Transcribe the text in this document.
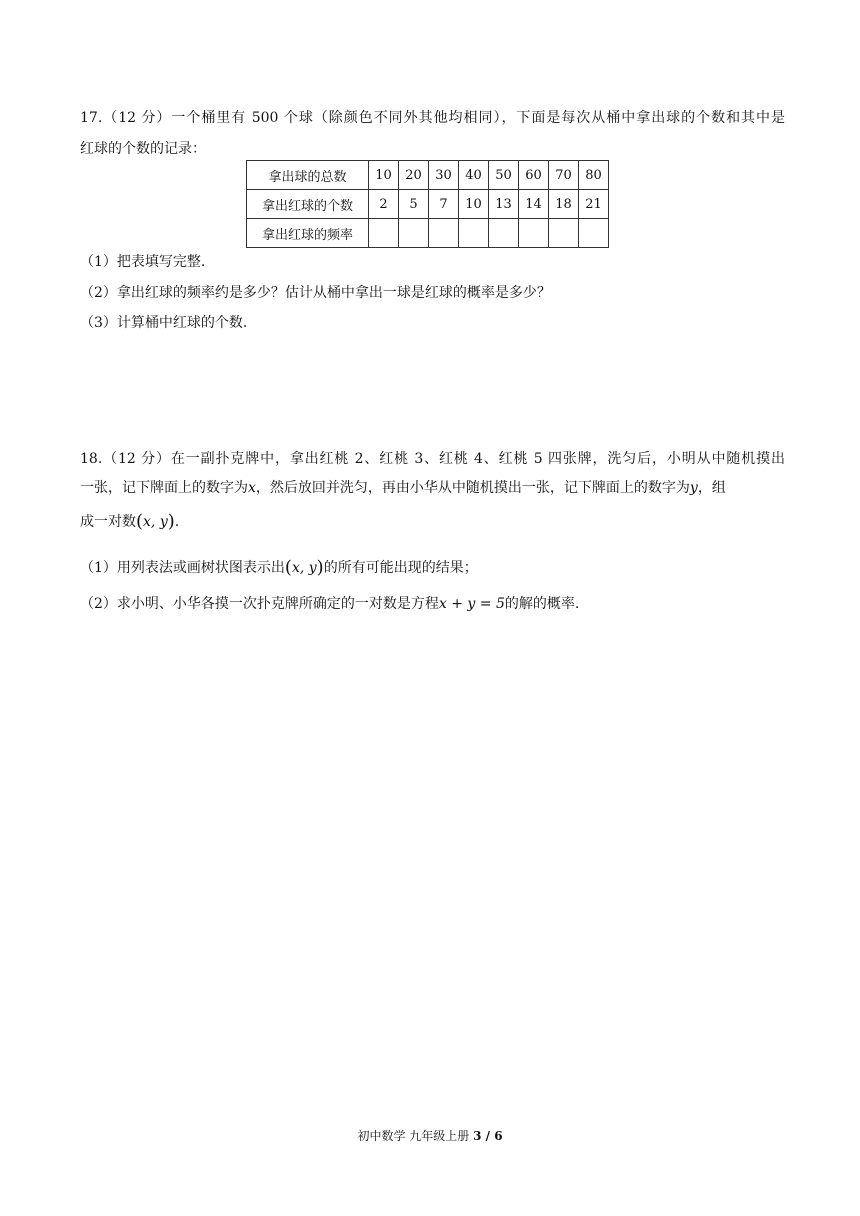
17.（12 分）一个桶里有 500 个球（除颜色不同外其他均相同），下面是每次从桶中拿出球的个数和其中是
红球的个数的记录：
拿出球的总数	10	20	30	40	50	60	70	80
拿出红球的个数	2	5	7	10	13	14	18	21
拿出红球的频率								
（1）把表填写完整.
（2）拿出红球的频率约是多少？估计从桶中拿出一球是红球的概率是多少？
（3）计算桶中红球的个数.
18.（12 分）在一副扑克牌中，拿出红桃 2、红桃 3、红桃 4、红桃 5 四张牌，洗匀后，小明从中随机摸出
一张，记下牌面上的数字为x，然后放回并洗匀，再由小华从中随机摸出一张，记下牌面上的数字为y，组
成一对数(x, y).
（1）用列表法或画树状图表示出(x, y)的所有可能出现的结果；
（2）求小明、小华各摸一次扑克牌所确定的一对数是方程x + y = 5的解的概率.
初中数学 九年级上册 3 / 6
